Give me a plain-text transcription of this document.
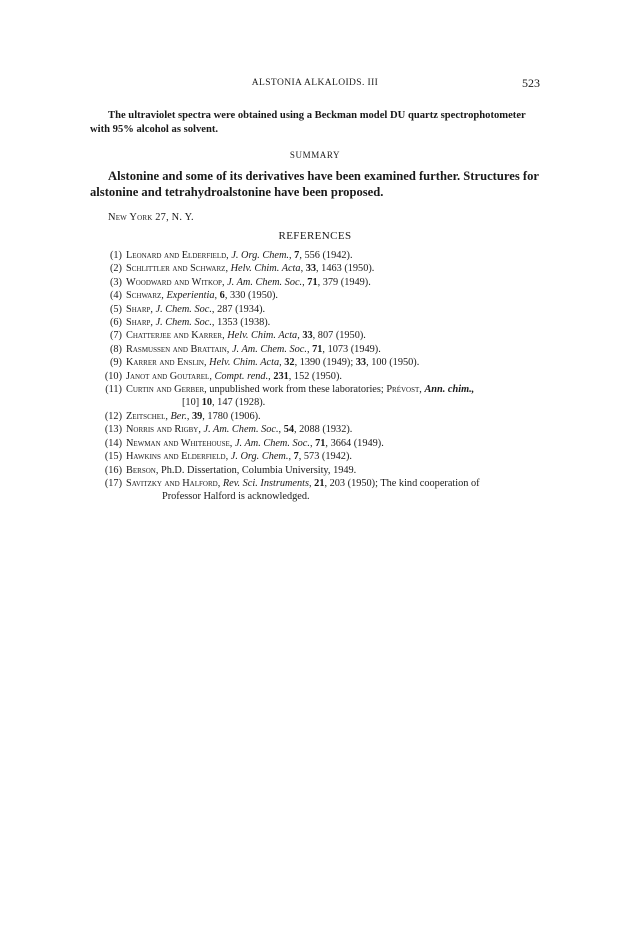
ALSTONIA ALKALOIDS. III	523
The ultraviolet spectra were obtained using a Beckman model DU quartz spectrophotometer with 95% alcohol as solvent.
SUMMARY
Alstonine and some of its derivatives have been examined further. Structures for alstonine and tetrahydroalstonine have been proposed.
New York 27, N. Y.
REFERENCES
(1) Leonard and Elderfield, J. Org. Chem., 7, 556 (1942).
(2) Schlittler and Schwarz, Helv. Chim. Acta, 33, 1463 (1950).
(3) Woodward and Witkop, J. Am. Chem. Soc., 71, 379 (1949).
(4) Schwarz, Experientia, 6, 330 (1950).
(5) Sharp, J. Chem. Soc., 287 (1934).
(6) Sharp, J. Chem. Soc., 1353 (1938).
(7) Chatterjee and Karrer, Helv. Chim. Acta, 33, 807 (1950).
(8) Rasmussen and Brattain, J. Am. Chem. Soc., 71, 1073 (1949).
(9) Karrer and Enslin, Helv. Chim. Acta, 32, 1390 (1949); 33, 100 (1950).
(10) Janot and Goutarel, Compt. rend., 231, 152 (1950).
(11) Curtin and Gerber, unpublished work from these laboratories; Prévost, Ann. chim.,
[10] 10, 147 (1928).
(12) Zeitschel, Ber., 39, 1780 (1906).
(13) Norris and Rigby, J. Am. Chem. Soc., 54, 2088 (1932).
(14) Newman and Whitehouse, J. Am. Chem. Soc., 71, 3664 (1949).
(15) Hawkins and Elderfield, J. Org. Chem., 7, 573 (1942).
(16) Berson, Ph.D. Dissertation, Columbia University, 1949.
(17) Savitzky and Halford, Rev. Sci. Instruments, 21, 203 (1950); The kind cooperation of
Professor Halford is acknowledged.
